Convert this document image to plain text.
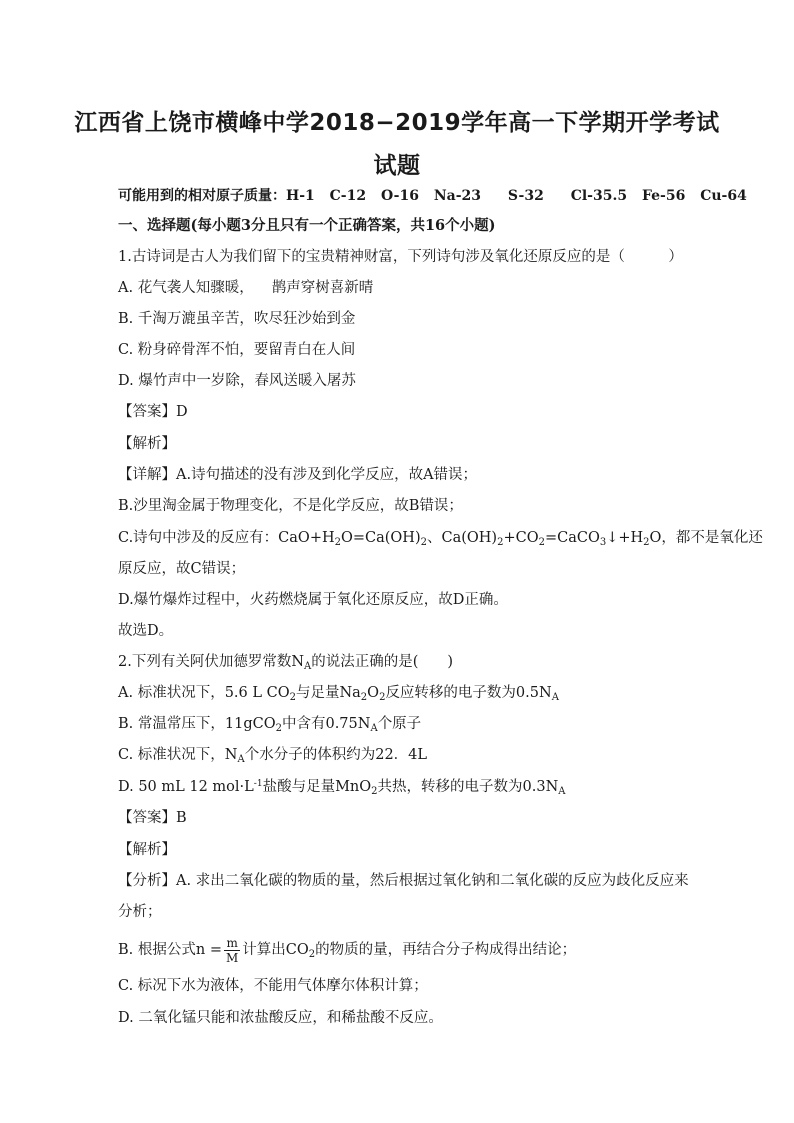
江西省上饶市横峰中学2018−2019学年高一下学期开学考试
试题
可能用到的相对原子质量：H-1 C-12 O-16 Na-23 S-32 Cl-35.5 Fe-56 Cu-64
一、选择题(每小题3分且只有一个正确答案，共16个小题)
1.古诗词是古人为我们留下的宝贵精神财富，下列诗句涉及氧化还原反应的是（　　　）
A. 花气袭人知骤暖， 鹊声穿树喜新晴
B. 千淘万漉虽辛苦，吹尽狂沙始到金
C. 粉身碎骨浑不怕，要留青白在人间
D. 爆竹声中一岁除，春风送暖入屠苏
【答案】D
【解析】
【详解】A.诗句描述的没有涉及到化学反应，故A错误；
B.沙里淘金属于物理变化，不是化学反应，故B错误；
C.诗句中涉及的反应有：$CaO+H_2O=Ca(OH)_2$、$Ca(OH)_2+CO_2=CaCO_3↓+H_2O$，都不是氧化还
原反应，故C错误；
D.爆竹爆炸过程中，火药燃烧属于氧化还原反应，故D正确。
故选D。
2.下列有关阿伏加德罗常数$N_A$的说法正确的是(　　)
A. 标准状况下，5.6 L $CO_2$与足量$Na_2O_2$反应转移的电子数为$0.5N_A$
B. 常温常压下，11gCO$_2$中含有$0.75N_A$个原子
C. 标准状况下，$N_A$个水分子的体积约为22．4L
D. 50 mL 12 $mol\cdot L^{-1}$盐酸与足量MnO$_2$共热，转移的电子数为$0.3N_A$
【答案】B
【解析】
【分析】A. 求出二氧化碳的物质的量，然后根据过氧化钠和二氧化碳的反应为歧化反应来
分析；
B. 根据公式$n = \frac{m}{M}$ 计算出$CO_2$的物质的量，再结合分子构成得出结论；
C. 标况下水为液体，不能用气体摩尔体积计算；
D. 二氧化锰只能和浓盐酸反应，和稀盐酸不反应。
